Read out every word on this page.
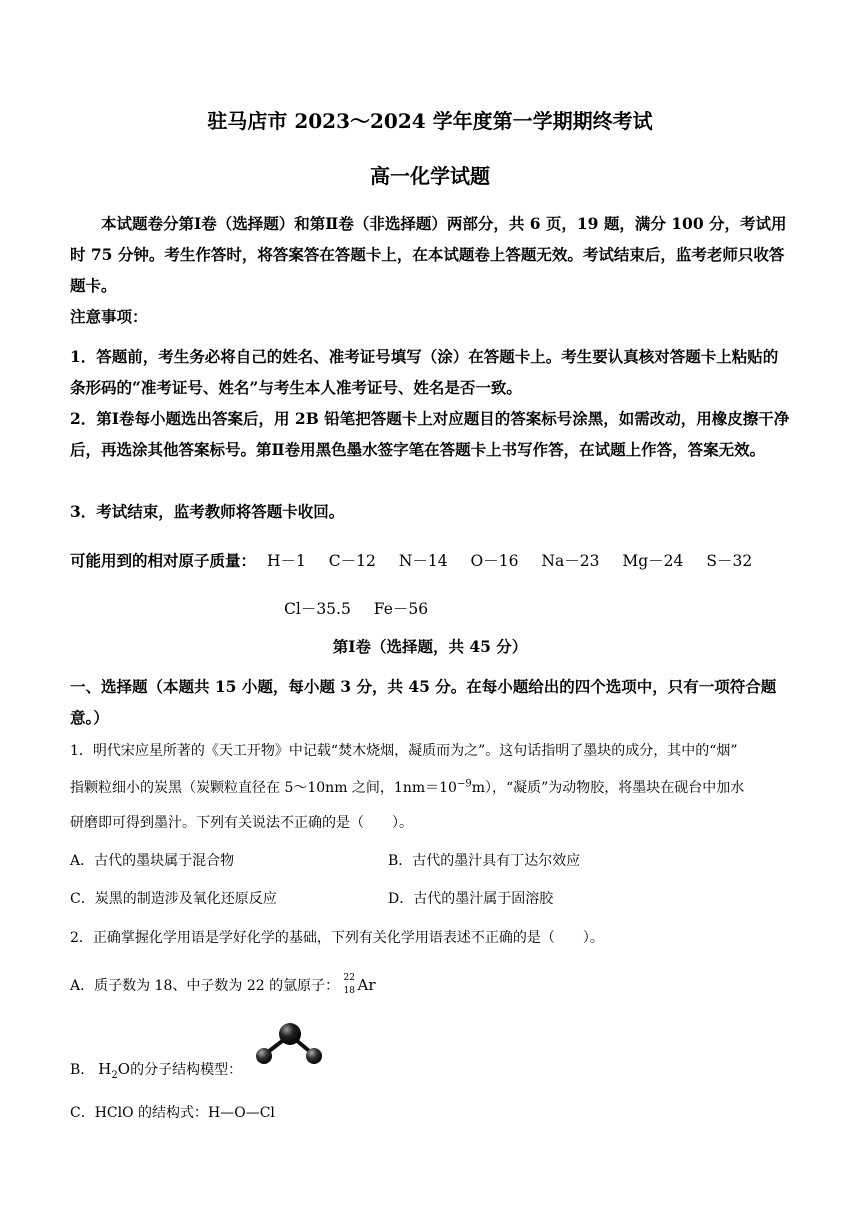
驻马店市 2023～2024 学年度第一学期期终考试
高一化学试题
本试题卷分第Ⅰ卷（选择题）和第Ⅱ卷（非选择题）两部分，共 6 页，19 题，满分 100 分，考试用时 75 分钟。考生作答时，将答案答在答题卡上，在本试题卷上答题无效。考试结束后，监考老师只收答题卡。
注意事项：
1．答题前，考生务必将自己的姓名、准考证号填写（涂）在答题卡上。考生要认真核对答题卡上粘贴的条形码的“准考证号、姓名”与考生本人准考证号、姓名是否一致。
2．第Ⅰ卷每小题选出答案后，用 2B 铅笔把答题卡上对应题目的答案标号涂黑，如需改动，用橡皮擦干净后，再选涂其他答案标号。第Ⅱ卷用黑色墨水签字笔在答题卡上书写作答，在试题上作答，答案无效。
3．考试结束，监考教师将答题卡收回。
可能用到的相对原子质量： H－1 C－12 N－14 O－16 Na－23 Mg－24 S－32
Cl－35.5 Fe－56
第Ⅰ卷（选择题，共 45 分）
一、选择题（本题共 15 小题，每小题 3 分，共 45 分。在每小题给出的四个选项中，只有一项符合题意。）
1．明代宋应星所著的《天工开物》中记载“焚木烧烟，凝质而为之”。这句话指明了墨块的成分，其中的“烟”
指颗粒细小的炭黑（炭颗粒直径在 5～10nm 之间，$1nm=10^{-9}m$），“凝质”为动物胶，将墨块在砚台中加水
研磨即可得到墨汁。下列有关说法不正确的是（　　）。
A．古代的墨块属于混合物	B．古代的墨汁具有丁达尔效应
C．炭黑的制造涉及氧化还原反应	D．古代的墨汁属于固溶胶
2．正确掌握化学用语是学好化学的基础，下列有关化学用语表述不正确的是（　　）。
A．质子数为 18、中子数为 22 的氩原子： 22
18 Ar
B． $H_2O$的分子结构模型：
C．HClO 的结构式：H—O—Cl
